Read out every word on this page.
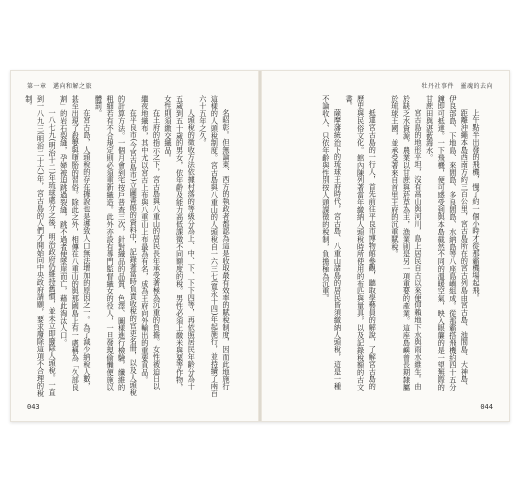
第一章　邁向和解之旅

名昭彰。但無論東、西方的執政者都認為這是收取最有效率的賦稅制度，因而此地施行這樣的人頭稅制度。宮古島與八重山的人頭稅自一六三七(寬永十四)年起施行，並持續了兩百六十五年之久。

人頭稅的徵收方法依據村落的等級分為上、中、下、下下四等，再依照居民年齡分為十五歲到五十歲的男女，依年齡及能力高低課徵不同額度的稅。男性必須上繳米與粟等作物，女性則須繳交織品。

在王府的指示之下，宮古島與八重山的居民長年承受著極為沉重的負擔。女性被迫日以繼夜地織布，其中尤以宮古上布與八重山上布最為有名，成為王府向外輸出的重要貢品。

在平良市(今宮古島市)立圖書館的資料中，記錄著當時負責收稅的官吏名冊，以及人頭稅的計算方法。一個月會到宅按戶普查三次，針對織品的品質、色澤、圖樣進行檢驗，纖維的粗細若有不合規定則必須重新織造。此外亦設有專門監督織女的役人，一旦發現偷懶便施以體罰。

在宮古島，人頭稅的存在據說也是導致人口無法增加的原因之一。為了減少納稅人數，甚至出現了殺嬰與墮胎的習俗。除此之外，相傳在八重山的與那國島上有一處稱為「久部良割」的岩石裂縫，孕婦被迫跳過裂縫，跳不過者便墜崖而亡，藉此淘汰人口。

一八七九(明治十二)年琉球處分之後，明治政府仍維持舊慣，並未立即廢除人頭稅。一直到一八九三(明治二十六)年，宮古島的人們才開始向中央政府請願，要求廢除這項不合理的稅制。

043
牡丹社事件　靈魂的去向

上午點半出發的飛機，慢了約一個小時才從那霸機場起飛。

距離沖繩本島西南方約三百公里，宮古島所在的宮古列島由宮古島、池間島、大神島、伊良部島、下地島、來間島、多良間島、水納島等八座島嶼組成。從那霸搭飛機約四十五分鐘即可抵達。一下飛機，便可感受到與本島截然不同的溫暖空氣，映入眼簾的是一望無際的甘蔗田與湛藍海水。

宮古島的地形平坦，沒有高山與河川，島上居民自古以來便仰賴地下水與雨水維生。由於缺乏水資源，農業以甘蔗與菸草為主，漁業則是另一項重要的產業。這座島嶼曾長期隸屬於琉球王國，並承受著來自首里王府的沉重賦稅。

抵達宮古島的一行人，首先前往平良市博物館參觀，聽取學藝員的解說，了解宮古島的歷史與民俗文化。館內陳列著當年繳納人頭稅時所使用的布匹與量具，以及記錄稅額的古文書。

薩摩藩統治下的琉球王府時代，宮古島、八重山諸島的居民皆須繳納人頭稅，這是一種不論收入、只依年齡與性別按人頭課徵的稅制，負擔極為沉重。

044
